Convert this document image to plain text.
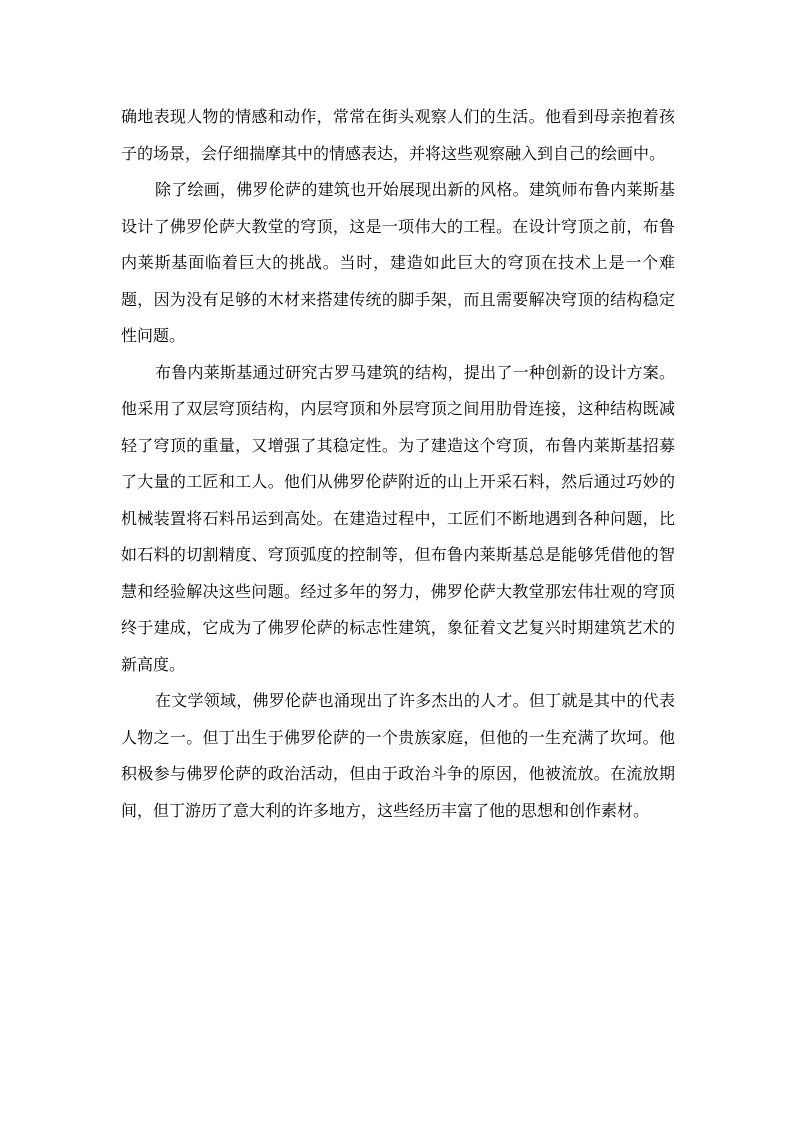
确地表现人物的情感和动作，常常在街头观察人们的生活。他看到母亲抱着孩子的场景，会仔细揣摩其中的情感表达，并将这些观察融入到自己的绘画中。

除了绘画，佛罗伦萨的建筑也开始展现出新的风格。建筑师布鲁内莱斯基设计了佛罗伦萨大教堂的穹顶，这是一项伟大的工程。在设计穹顶之前，布鲁内莱斯基面临着巨大的挑战。当时，建造如此巨大的穹顶在技术上是一个难题，因为没有足够的木材来搭建传统的脚手架，而且需要解决穹顶的结构稳定性问题。

布鲁内莱斯基通过研究古罗马建筑的结构，提出了一种创新的设计方案。他采用了双层穹顶结构，内层穹顶和外层穹顶之间用肋骨连接，这种结构既减轻了穹顶的重量，又增强了其稳定性。为了建造这个穹顶，布鲁内莱斯基招募了大量的工匠和工人。他们从佛罗伦萨附近的山上开采石料，然后通过巧妙的机械装置将石料吊运到高处。在建造过程中，工匠们不断地遇到各种问题，比如石料的切割精度、穹顶弧度的控制等，但布鲁内莱斯基总是能够凭借他的智慧和经验解决这些问题。经过多年的努力，佛罗伦萨大教堂那宏伟壮观的穹顶终于建成，它成为了佛罗伦萨的标志性建筑，象征着文艺复兴时期建筑艺术的新高度。

在文学领域，佛罗伦萨也涌现出了许多杰出的人才。但丁就是其中的代表人物之一。但丁出生于佛罗伦萨的一个贵族家庭，但他的一生充满了坎坷。他积极参与佛罗伦萨的政治活动，但由于政治斗争的原因，他被流放。在流放期间，但丁游历了意大利的许多地方，这些经历丰富了他的思想和创作素材。
